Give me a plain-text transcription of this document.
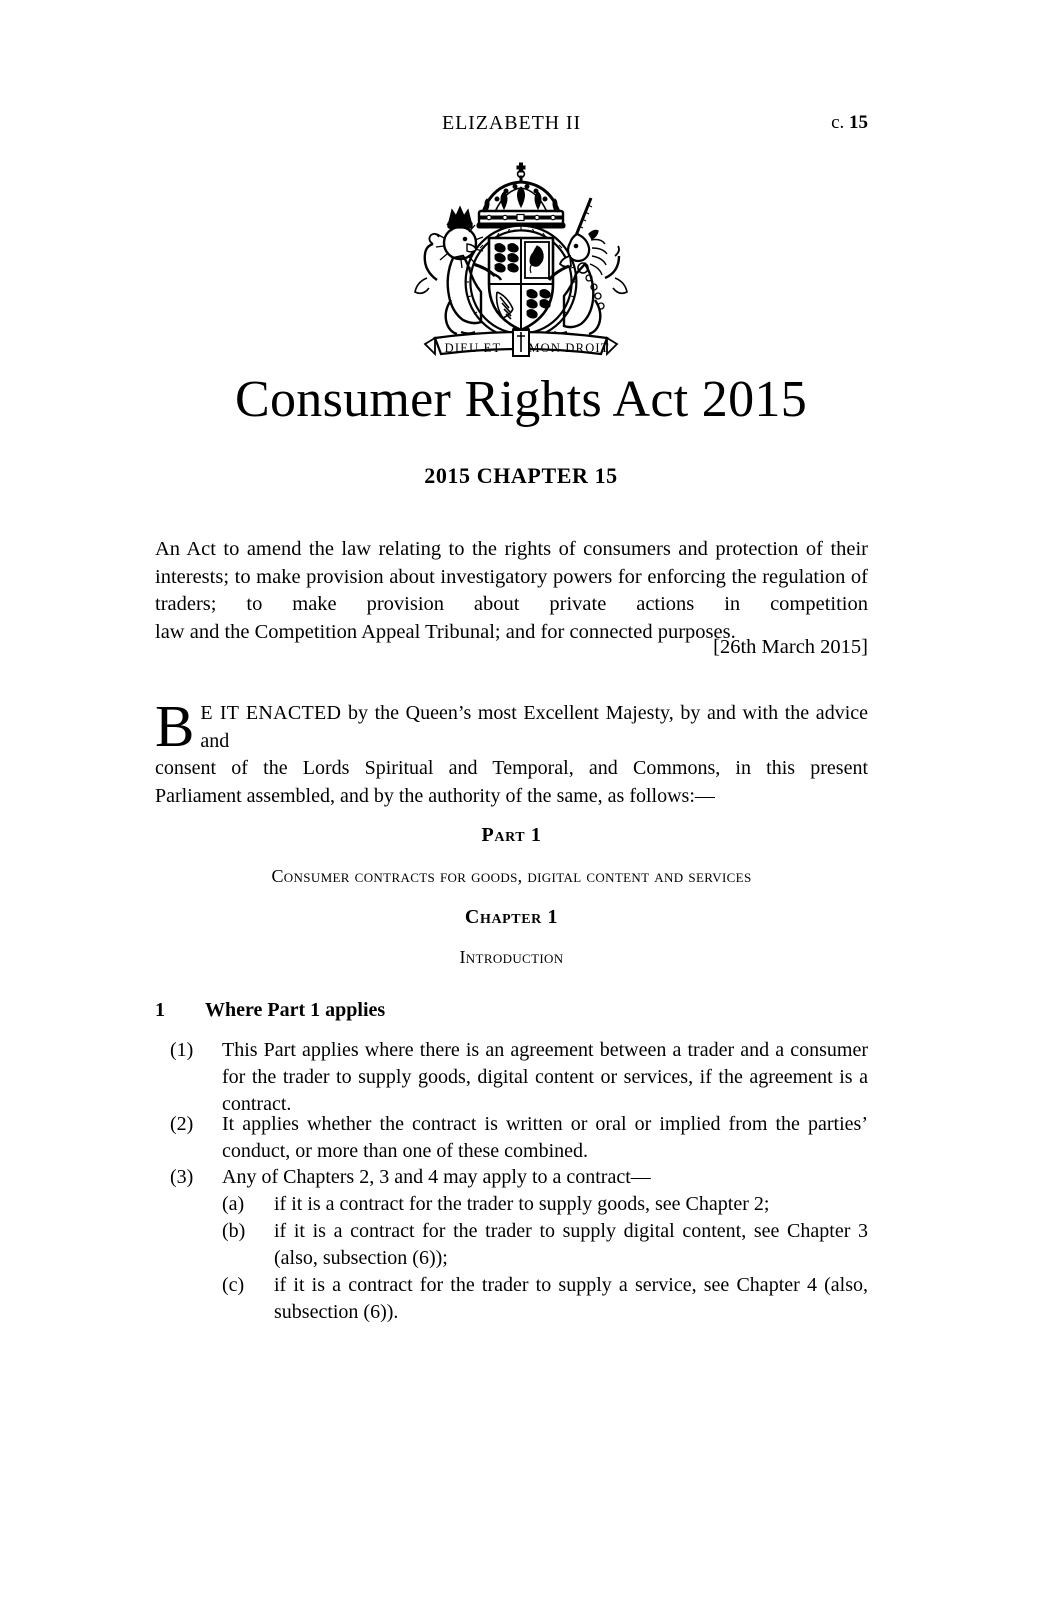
ELIZABETH II	c. 15
DIEU ET MON DROIT
Consumer Rights Act 2015
2015 CHAPTER 15
An Act to amend the law relating to the rights of consumers and protection of their interests; to make provision about investigatory powers for enforcing the regulation of traders; to make provision about private actions in competition
law and the Competition Appeal Tribunal; and for connected purposes.
[26th March 2015]
B E IT ENACTED by the Queen’s most Excellent Majesty, by and with the advice and
consent of the Lords Spiritual and Temporal, and Commons, in this present
Parliament assembled, and by the authority of the same, as follows:—
Part 1
Consumer contracts for goods, digital content and services
Chapter 1
Introduction
1	Where Part 1 applies
(1)	This Part applies where there is an agreement between a trader and a consumer
for the trader to supply goods, digital content or services, if the agreement is a
contract.
(2)	It applies whether the contract is written or oral or implied from the parties’
conduct, or more than one of these combined.
(3)	Any of Chapters 2, 3 and 4 may apply to a contract—
(a)	if it is a contract for the trader to supply goods, see Chapter 2;
(b)	if it is a contract for the trader to supply digital content, see Chapter 3
(also, subsection (6));
(c)	if it is a contract for the trader to supply a service, see Chapter 4 (also,
subsection (6)).
